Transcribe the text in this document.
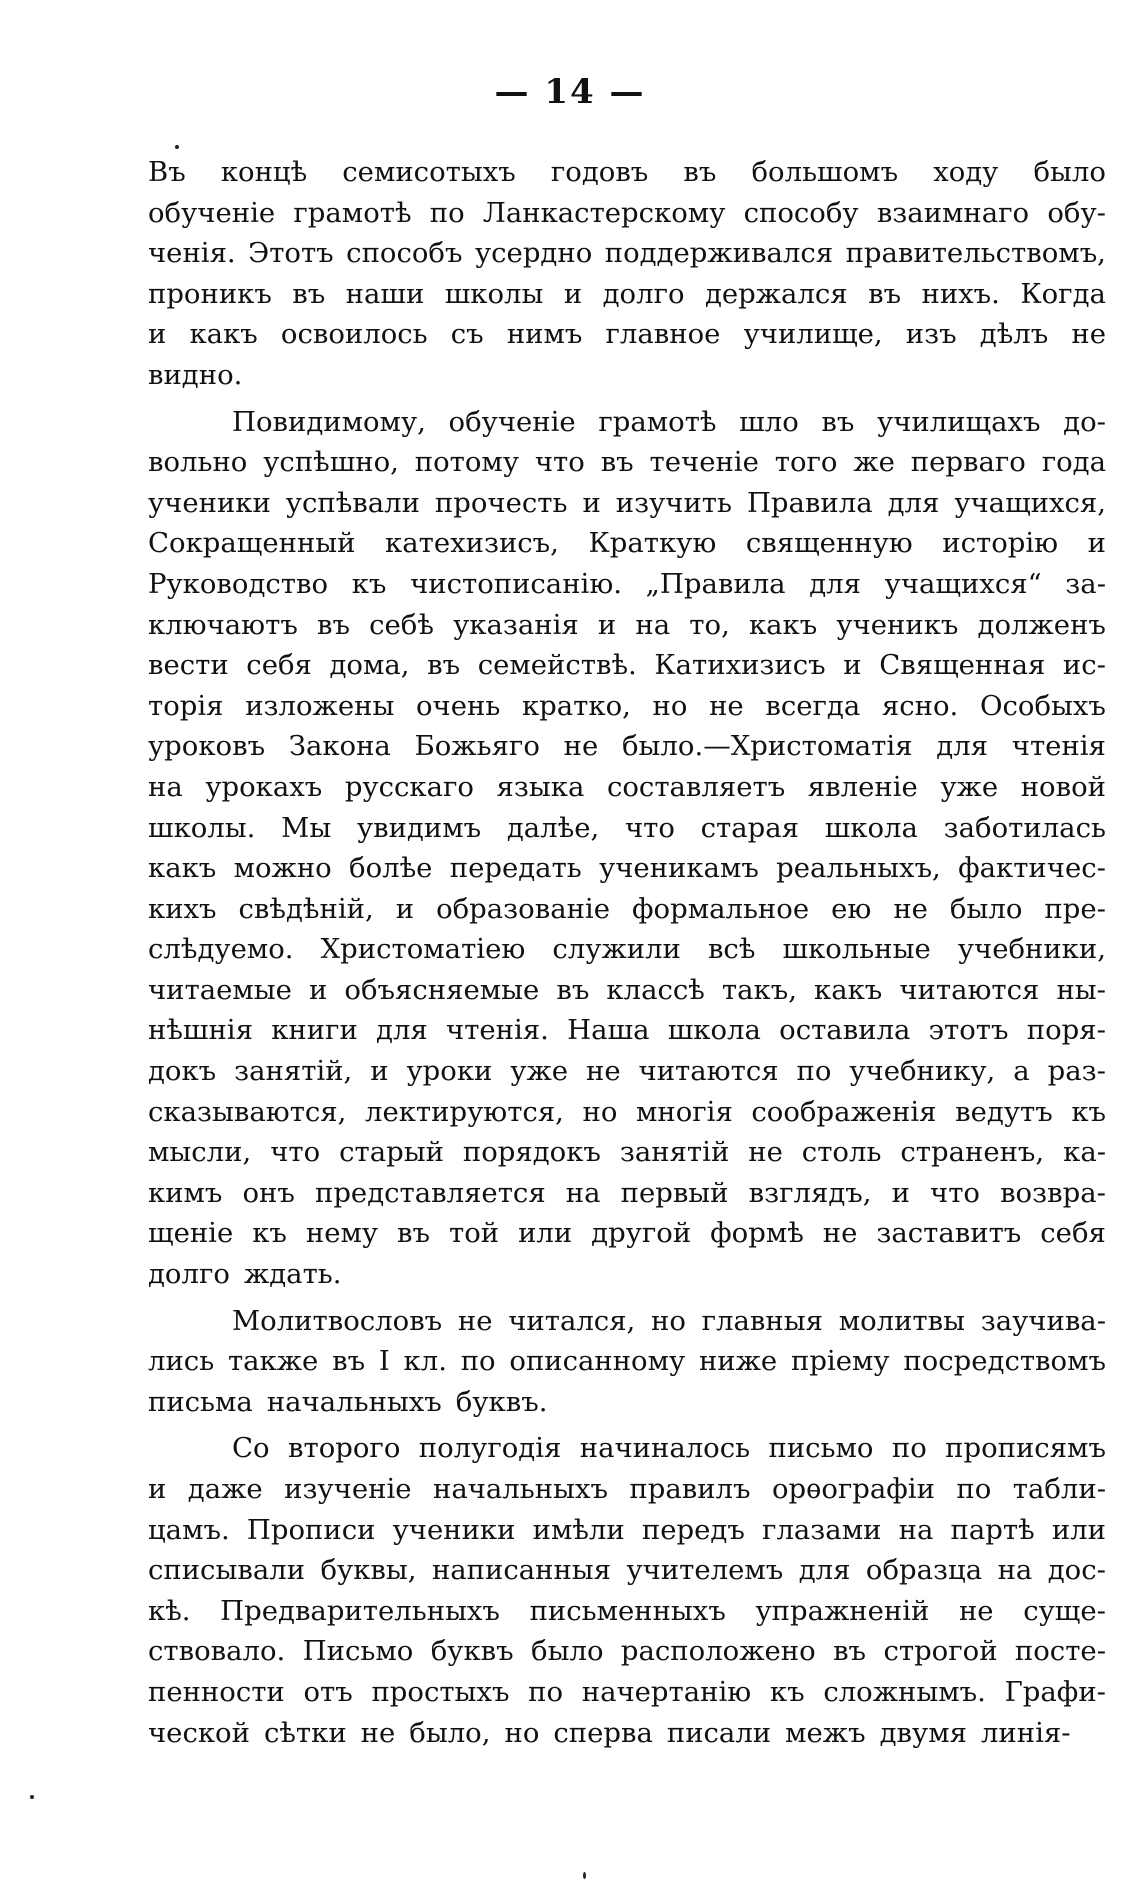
— 14 —
Въ концѣ семисотыхъ годовъ въ большомъ ходу было
обученіе грамотѣ по Ланкастерскому способу взаимнаго обу-
ченія. Этотъ способъ усердно поддерживался правительствомъ,
проникъ въ наши школы и долго держался въ нихъ. Когда
и какъ освоилось съ нимъ главное училище, изъ дѣлъ не
видно.
Повидимому, обученіе грамотѣ шло въ училищахъ до-
вольно успѣшно, потому что въ теченіе того же перваго года
ученики успѣвали прочесть и изучить Правила для учащихся,
Сокращенный катехизисъ, Краткую священную исторію и
Руководство къ чистописанію. „Правила для учащихся“ за-
ключаютъ въ себѣ указанія и на то, какъ ученикъ долженъ
вести себя дома, въ семействѣ. Катихизисъ и Священная ис-
торія изложены очень кратко, но не всегда ясно. Особыхъ
уроковъ Закона Божьяго не было.—Христоматія для чтенія
на урокахъ русскаго языка составляетъ явленіе уже новой
школы. Мы увидимъ далѣе, что старая школа заботилась
какъ можно болѣе передать ученикамъ реальныхъ, фактичес-
кихъ свѣдѣній, и образованіе формальное ею не было пре-
слѣдуемо. Христоматіею служили всѣ школьные учебники,
читаемые и объясняемые въ классѣ такъ, какъ читаются ны-
нѣшнія книги для чтенія. Наша школа оставила этотъ поря-
докъ занятій, и уроки уже не читаются по учебнику, а раз-
сказываются, лектируются, но многія соображенія ведутъ къ
мысли, что старый порядокъ занятій не столь страненъ, ка-
кимъ онъ представляется на первый взглядъ, и что возвра-
щеніе къ нему въ той или другой формѣ не заставитъ себя
долго ждать.
Молитвословъ не читался, но главныя молитвы заучива-
лись также въ I кл. по описанному ниже пріему посредствомъ
письма начальныхъ буквъ.
Со второго полугодія начиналось письмо по прописямъ
и даже изученіе начальныхъ правилъ орѳографіи по табли-
цамъ. Прописи ученики имѣли передъ глазами на партѣ или
списывали буквы, написанныя учителемъ для образца на дос-
кѣ. Предварительныхъ письменныхъ упражненій не суще-
ствовало. Письмо буквъ было расположено въ строгой посте-
пенности отъ простыхъ по начертанію къ сложнымъ. Графи-
ческой сѣтки не было, но сперва писали межъ двумя линія-
